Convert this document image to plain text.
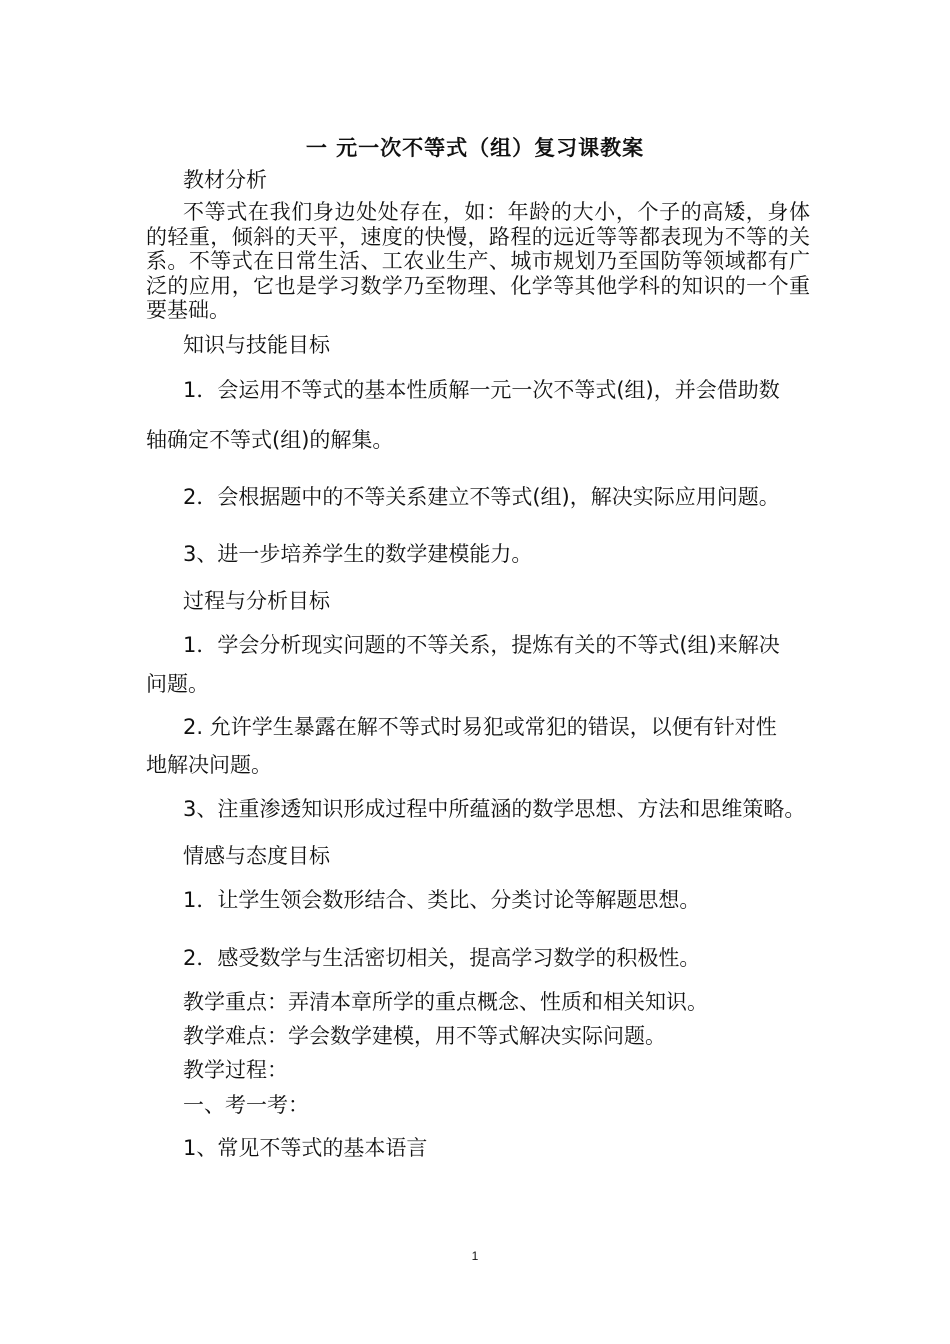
一 元一次不等式（组）复习课教案
教材分析
不等式在我们身边处处存在，如：年龄的大小，个子的高矮，身体的轻重，倾斜的天平，速度的快慢，路程的远近等等都表现为不等的关系。不等式在日常生活、工农业生产、城市规划乃至国防等领域都有广泛的应用，它也是学习数学乃至物理、化学等其他学科的知识的一个重要基础。
知识与技能目标
1．会运用不等式的基本性质解一元一次不等式(组)，并会借助数
轴确定不等式(组)的解集。
2．会根据题中的不等关系建立不等式(组)，解决实际应用问题。
3、进一步培养学生的数学建模能力。
过程与分析目标
1．学会分析现实问题的不等关系，提炼有关的不等式(组)来解决
问题。
2. 允许学生暴露在解不等式时易犯或常犯的错误，以便有针对性
地解决问题。
3、注重渗透知识形成过程中所蕴涵的数学思想、方法和思维策略。
情感与态度目标
1．让学生领会数形结合、类比、分类讨论等解题思想。
2．感受数学与生活密切相关，提高学习数学的积极性。
教学重点：弄清本章所学的重点概念、性质和相关知识。
教学难点：学会数学建模，用不等式解决实际问题。
教学过程：
一、考一考：
1、常见不等式的基本语言
1
